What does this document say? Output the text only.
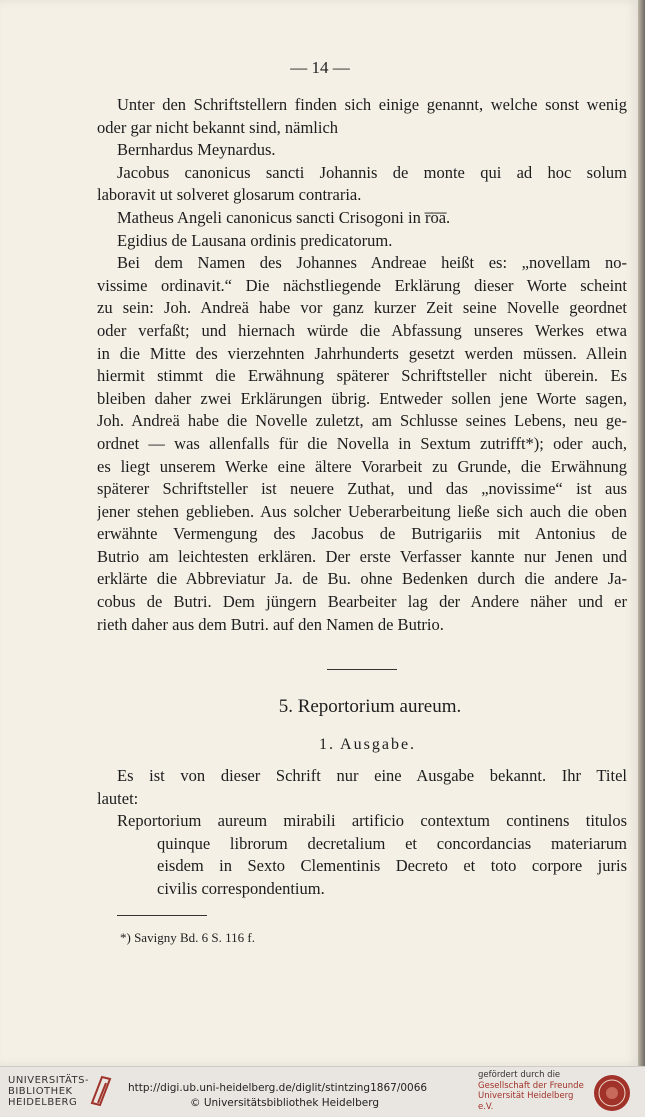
— 14 —
Unter den Schriftstellern finden sich einige genannt, welche sonst wenig
oder gar nicht bekannt sind, nämlich
Bernhardus Meynardus.
Jacobus canonicus sancti Johannis de monte qui ad hoc solum
laboravit ut solveret glosarum contraria.
Matheus Angeli canonicus sancti Crisogoni in r̅o̅a̅.
Egidius de Lausana ordinis predicatorum.
Bei dem Namen des Johannes Andreae heißt es: „novellam no-
vissime ordinavit.“ Die nächstliegende Erklärung dieser Worte scheint
zu sein: Joh. Andreä habe vor ganz kurzer Zeit seine Novelle geordnet
oder verfaßt; und hiernach würde die Abfassung unseres Werkes etwa
in die Mitte des vierzehnten Jahrhunderts gesetzt werden müssen. Allein
hiermit stimmt die Erwähnung späterer Schriftsteller nicht überein. Es
bleiben daher zwei Erklärungen übrig. Entweder sollen jene Worte sagen,
Joh. Andreä habe die Novelle zuletzt, am Schlusse seines Lebens, neu ge-
ordnet — was allenfalls für die Novella in Sextum zutrifft*); oder auch,
es liegt unserem Werke eine ältere Vorarbeit zu Grunde, die Erwähnung
späterer Schriftsteller ist neuere Zuthat, und das „novissime“ ist aus
jener stehen geblieben. Aus solcher Ueberarbeitung ließe sich auch die oben
erwähnte Vermengung des Jacobus de Butrigariis mit Antonius de
Butrio am leichtesten erklären. Der erste Verfasser kannte nur Jenen und
erklärte die Abbreviatur Ja. de Bu. ohne Bedenken durch die andere Ja-
cobus de Butri. Dem jüngern Bearbeiter lag der Andere näher und er
rieth daher aus dem Butri. auf den Namen de Butrio.
5. Reportorium aureum.
1. Ausgabe.
Es ist von dieser Schrift nur eine Ausgabe bekannt. Ihr Titel
lautet:
Reportorium aureum mirabili artificio contextum continens titulos
quinque librorum decretalium et concordancias materiarum
eisdem in Sexto Clementinis Decreto et toto corpore juris
civilis correspondentium.
*) Savigny Bd. 6 S. 116 f.
UNIVERSITÄTS-
BIBLIOTHEK
HEIDELBERG
http://digi.ub.uni-heidelberg.de/diglit/stintzing1867/0066
© Universitätsbibliothek Heidelberg
gefördert durch die
Gesellschaft der Freunde
Universität Heidelberg e.V.
